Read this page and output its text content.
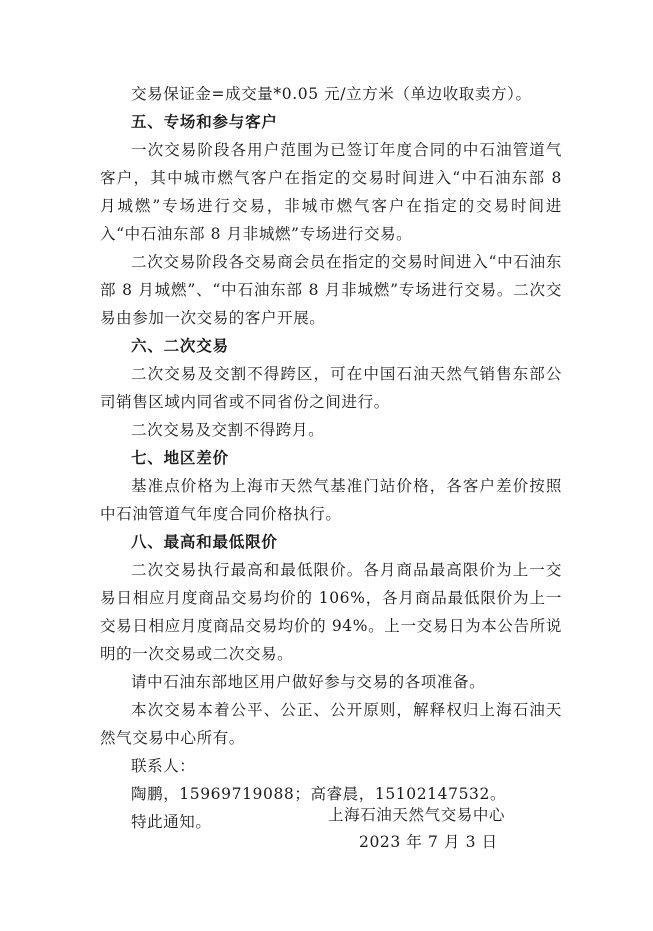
交易保证金=成交量*0.05 元/立方米（单边收取卖方）。

五、专场和参与客户

一次交易阶段各用户范围为已签订年度合同的中石油管道气客户，其中城市燃气客户在指定的交易时间进入“中石油东部 8 月城燃”专场进行交易，非城市燃气客户在指定的交易时间进入“中石油东部 8 月非城燃”专场进行交易。

二次交易阶段各交易商会员在指定的交易时间进入“中石油东部 8 月城燃”、“中石油东部 8 月非城燃”专场进行交易。二次交易由参加一次交易的客户开展。

六、二次交易

二次交易及交割不得跨区，可在中国石油天然气销售东部公司销售区域内同省或不同省份之间进行。

二次交易及交割不得跨月。

七、地区差价

基准点价格为上海市天然气基准门站价格，各客户差价按照中石油管道气年度合同价格执行。

八、最高和最低限价

二次交易执行最高和最低限价。各月商品最高限价为上一交易日相应月度商品交易均价的 106%，各月商品最低限价为上一交易日相应月度商品交易均价的 94%。上一交易日为本公告所说明的一次交易或二次交易。

请中石油东部地区用户做好参与交易的各项准备。

本次交易本着公平、公正、公开原则，解释权归上海石油天然气交易中心所有。

联系人：

陶鹏，15969719088；高睿晨，15102147532。

特此通知。	上海石油天然气交易中心
2023 年 7 月 3 日
